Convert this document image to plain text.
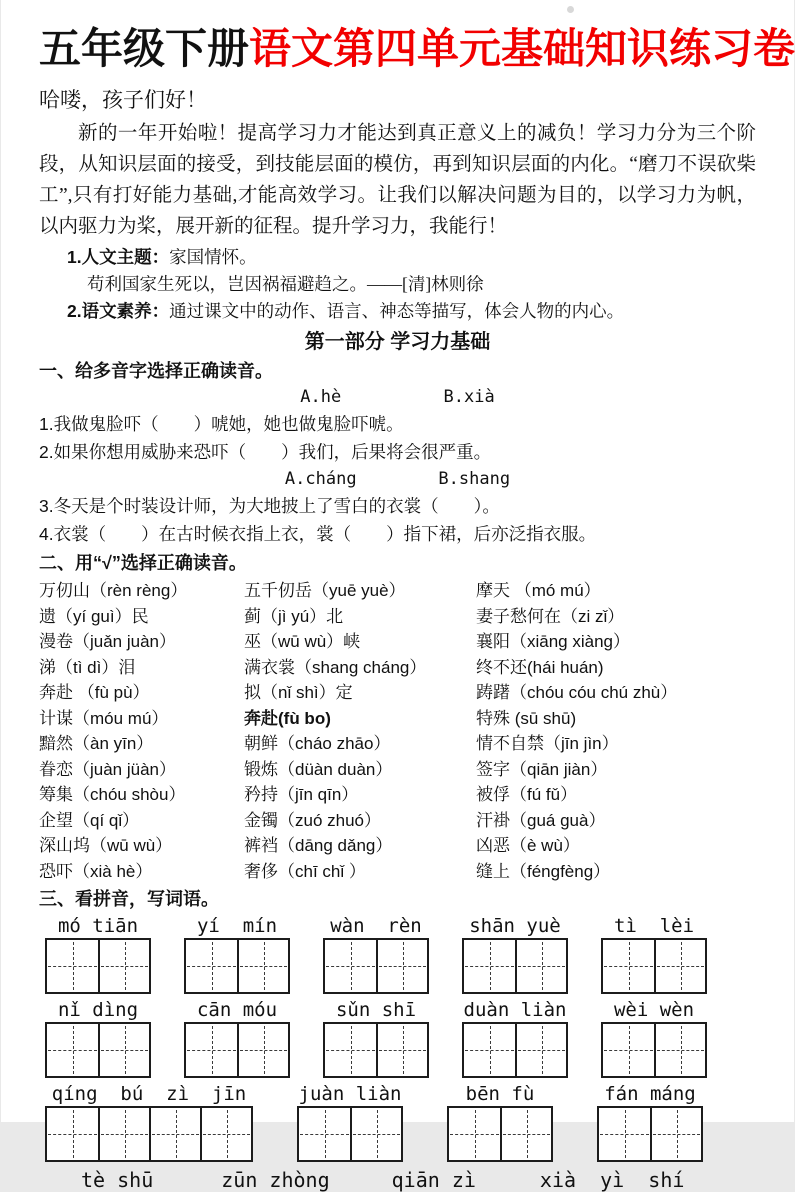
五年级下册语文第四单元基础知识练习卷

哈喽，孩子们好！

新的一年开始啦！提高学习力才能达到真正意义上的减负！学习力分为三个阶段，从知识层面的接受，到技能层面的模仿，再到知识层面的内化。“磨刀不误砍柴工”,只有打好能力基础,才能高效学习。让我们以解决问题为目的，以学习力为帆，以内驱力为桨，展开新的征程。提升学习力，我能行！

1.人文主题：家国情怀。

苟利国家生死以，岂因祸福避趋之。——[清]林则徐

2.语文素养：通过课文中的动作、语言、神态等描写，体会人物的内心。

第一部分 学习力基础
一、给多音字选择正确读音。

A.hè          B.xià

1.我做鬼脸吓（　　）唬她，她也做鬼脸吓唬。

2.如果你想用威胁来恐吓（　　）我们，后果将会很严重。

A.cháng        B.shang

3.冬天是个时装设计师，为大地披上了雪白的衣裳（　　）。

4.衣裳（　　）在古时候衣指上衣，裳（　　）指下裙，后亦泛指衣服。

二、用“√”选择正确读音。
万仞山（rèn rèng）	五千仞岳（yuē yuè）	摩天 （mó mú）
遗（yí guì）民	蓟（jì yú）北	妻子愁何在（zi zǐ）
漫卷（juǎn juàn）	巫（wū wù）峡	襄阳（xiāng xiàng）
涕（tì dì）泪	满衣裳（shang cháng）	终不还(hái huán)
奔赴 （fù pù）	拟（nǐ shì）定	踌躇（chóu cóu chú zhù）
计谋（móu mú）	奔赴(fù bo)	特殊 (sū shū)
黯然（àn yīn）	朝鲜（cháo zhāo）	情不自禁（jīn jìn）
眷恋（juàn jüàn）	锻炼（düàn duàn）	签字（qiān jiàn）
筹集（chóu shòu）	矜持（jīn qīn）	被俘（fú fǔ）
企望（qí qǐ）	金镯（zuó zhuó）	汗褂（guá guà）
深山坞（wū wù）	裤裆（dāng dǎng）	凶恶（è wù）
恐吓（xià hè）	奢侈（chī chǐ ）	缝上（féngfèng）
三、看拼音，写词语。
mó tiān	yí  mín	wàn  rèn	shān yuè	tì  lèi
nǐ dìng	cān móu	sǔn shī	duàn liàn	wèi wèn
qíng  bú  zì  jīn	juàn liàn	bēn fù	fán máng
tè shū	zūn zhòng	qiān zì	xià  yì  shí
